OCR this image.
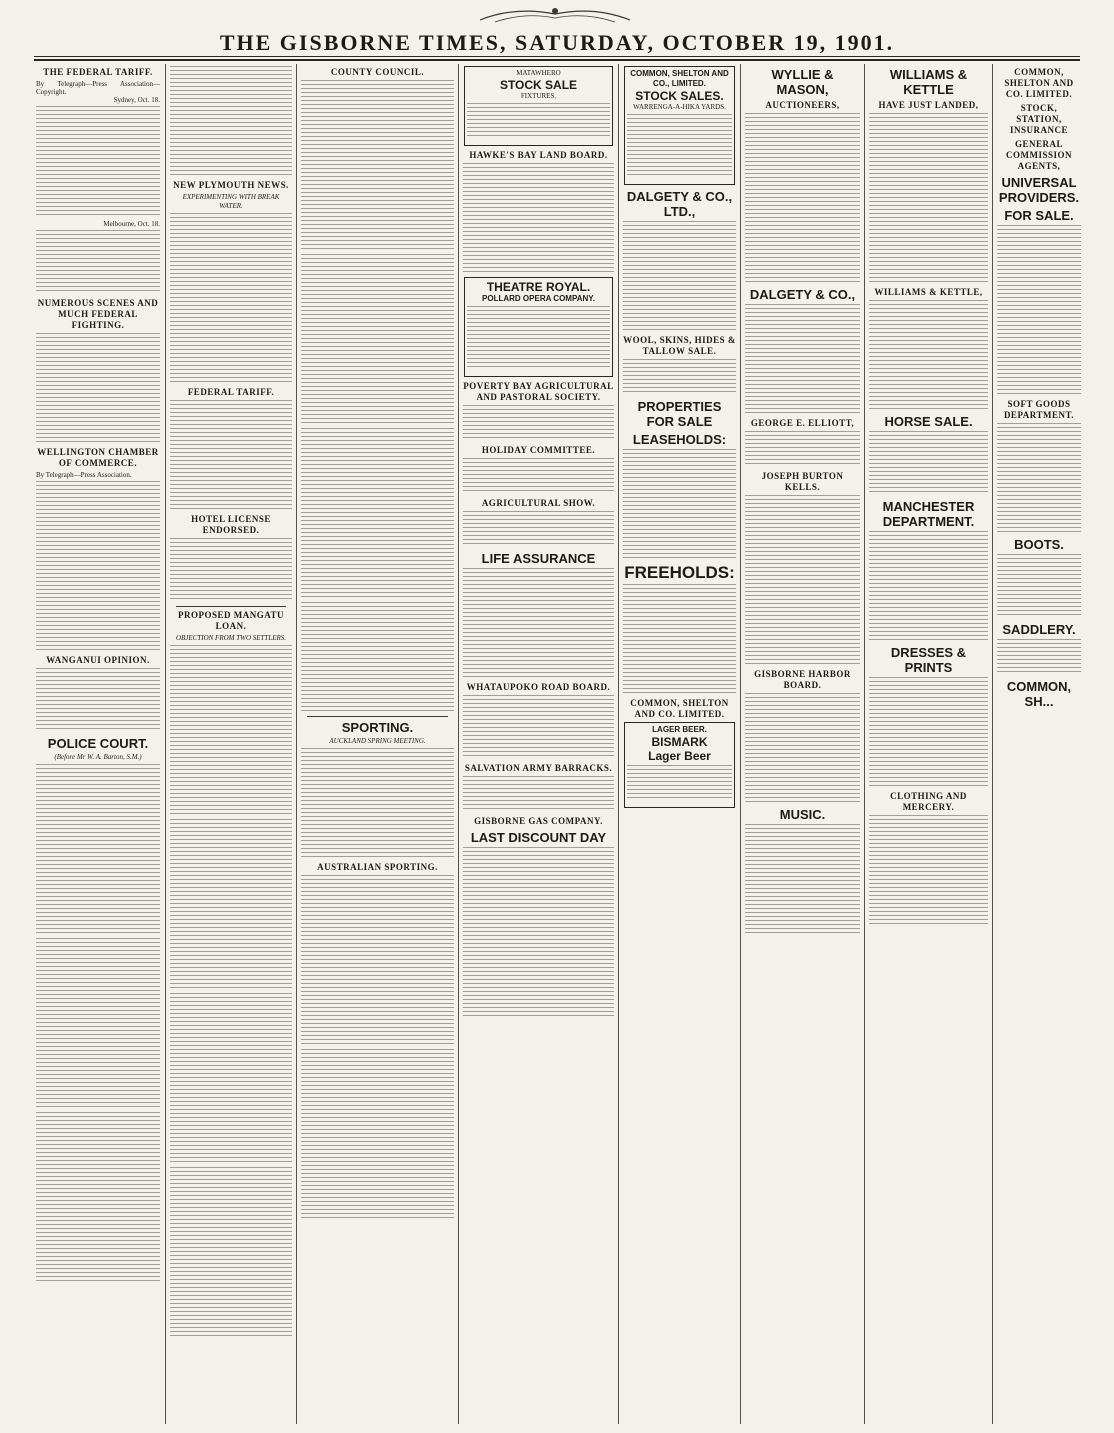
THE GISBORNE TIMES, SATURDAY, OCTOBER 19, 1901.
THE FEDERAL TARIFF.
By Telegraph—Press Association—Copyright.
Sydney, Oct. 18.
Melbourne, Oct. 18.
NUMEROUS SCENES AND MUCH FEDERAL FIGHTING.
WELLINGTON CHAMBER OF COMMERCE.
By Telegraph—Press Association.
WANGANUI OPINION.
POLICE COURT.
(Before Mr W. A. Barton, S.M.)
NEW PLYMOUTH NEWS.
EXPERIMENTING WITH BREAK WATER.
FEDERAL TARIFF.
HOTEL LICENSE ENDORSED.
PROPOSED MANGATU LOAN.
OBJECTION FROM TWO SETTLERS.
COUNTY COUNCIL.
SPORTING.
AUCKLAND SPRING MEETING.
AUSTRALIAN SPORTING.
MATAWHERO
STOCK SALE
FIXTURES.
HAWKE'S BAY LAND BOARD.
THEATRE ROYAL.
POLLARD OPERA COMPANY.
POVERTY BAY AGRICULTURAL AND PASTORAL SOCIETY.
HOLIDAY COMMITTEE.
AGRICULTURAL SHOW.
LIFE ASSURANCE
WHATAUPOKO ROAD BOARD.
SALVATION ARMY BARRACKS.
GISBORNE GAS COMPANY.
LAST DISCOUNT DAY
COMMON, SHELTON AND CO., LIMITED.
STOCK SALES.
WARRENGA-A-HIKA YARDS.
DALGETY & CO., LTD.,
WOOL, SKINS, HIDES & TALLOW SALE.
PROPERTIES FOR SALE
LEASEHOLDS:
FREEHOLDS:
COMMON, SHELTON AND CO. LIMITED.
LAGER BEER.
BISMARK
Lager Beer
WYLLIE & MASON,
AUCTIONEERS,
DALGETY & CO.,
GEORGE E. ELLIOTT,
JOSEPH BURTON KELLS.
GISBORNE HARBOR BOARD.
MUSIC.
WILLIAMS & KETTLE
HAVE JUST LANDED,
WILLIAMS & KETTLE,
HORSE SALE.
MANCHESTER DEPARTMENT.
DRESSES & PRINTS
CLOTHING AND MERCERY.
COMMON, SHELTON AND CO. LIMITED.
STOCK, STATION, INSURANCE
GENERAL COMMISSION AGENTS,
UNIVERSAL PROVIDERS.
FOR SALE.
SOFT GOODS DEPARTMENT.
BOOTS.
SADDLERY.
COMMON, SH...
